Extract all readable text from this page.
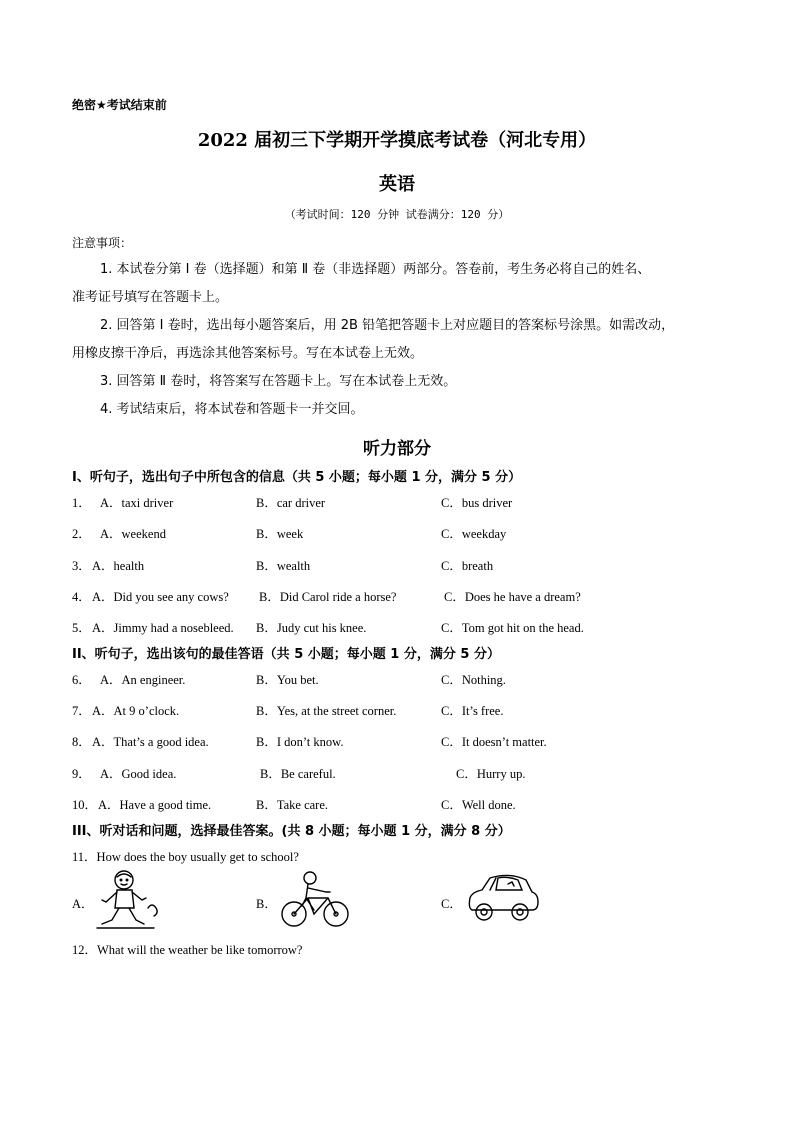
绝密★考试结束前
2022 届初三下学期开学摸底考试卷（河北专用）
英语
（考试时间：120 分钟 试卷满分：120 分）
注意事项：
1. 本试卷分第 Ⅰ 卷（选择题）和第 Ⅱ 卷（非选择题）两部分。答卷前，考生务必将自己的姓名、
准考证号填写在答题卡上。
2. 回答第 Ⅰ 卷时，选出每小题答案后，用 2B 铅笔把答题卡上对应题目的答案标号涂黑。如需改动，
用橡皮擦干净后，再选涂其他答案标号。写在本试卷上无效。
3. 回答第 Ⅱ 卷时，将答案写在答题卡上。写在本试卷上无效。
4. 考试结束后，将本试卷和答题卡一并交回。
听力部分
I、听句子，选出句子中所包含的信息（共 5 小题；每小题 1 分，满分 5 分）
1． A．taxi driver	B．car driver	C．bus driver
2． A．weekend	B．week	C．weekday
3． A．health	B．wealth	C．breath
4． A．Did you see any cows? B．Did Carol ride a horse?	C．Does he have a dream?
5． A．Jimmy had a nosebleed. B．Judy cut his knee.	C．Tom got hit on the head.
II、听句子，选出该句的最佳答语（共 5 小题；每小题 1 分，满分 5 分）
6． A．An engineer.	B．You bet.	C．Nothing.
7． A．At 9 o’clock.	B．Yes, at the street corner.	C．It’s free.
8． A．That’s a good idea.	B．I don’t know.	C．It doesn’t matter.
9． A．Good idea.	B．Be careful.	C．Hurry up.
10． A．Have a good time.	B．Take care.	C．Well done.
III、听对话和问题，选择最佳答案。(共 8 小题；每小题 1 分，满分 8 分）
11．How does the boy usually get to school?
A．	B．	C．
12．What will the weather be like tomorrow?
